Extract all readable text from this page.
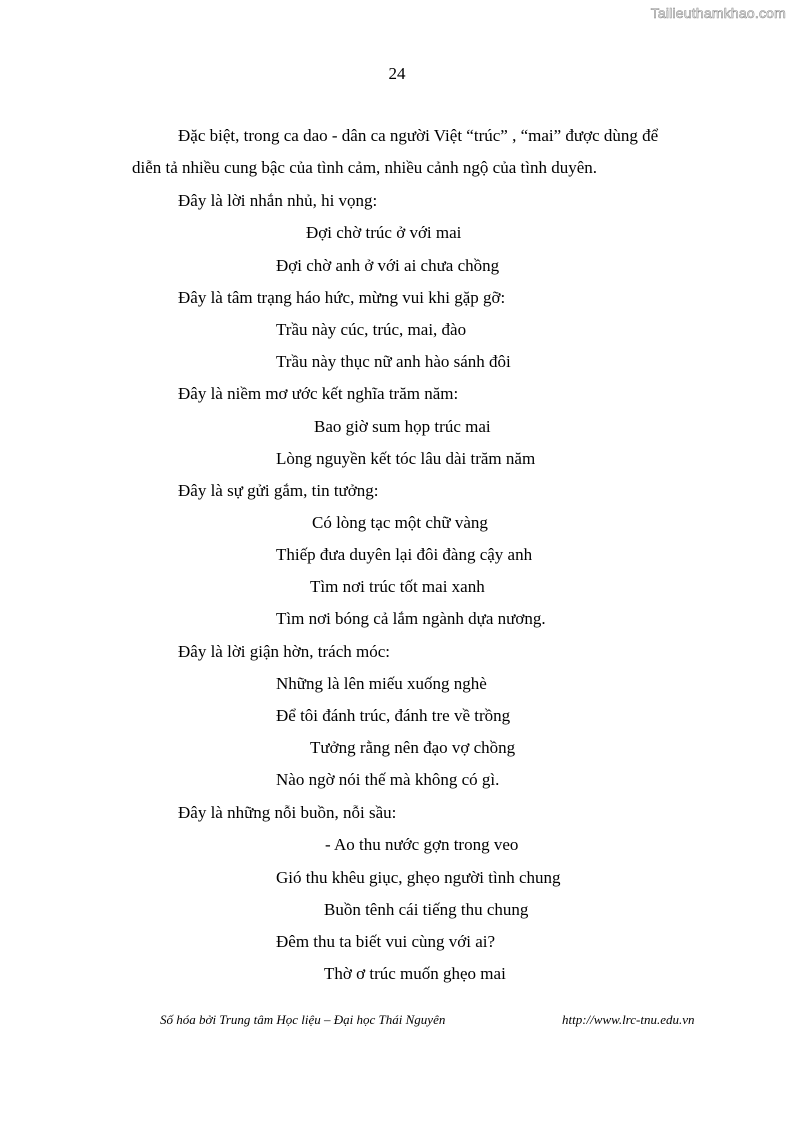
Tailieuthamkhao.com
24
Đặc biệt, trong ca dao - dân ca người Việt “trúc” , “mai” được dùng để
diễn tả nhiều cung bậc của tình cảm, nhiều cảnh ngộ của tình duyên.
Đây là lời nhắn nhủ, hi vọng:
Đợi chờ trúc ở với mai
Đợi chờ anh ở với ai chưa chồng
Đây là tâm trạng háo hức, mừng vui khi gặp gỡ:
Trầu này cúc, trúc, mai, đào
Trầu này thục nữ anh hào sánh đôi
Đây là niềm mơ ước kết nghĩa trăm năm:
Bao giờ sum họp trúc mai
Lòng nguyền kết tóc lâu dài trăm năm
Đây là sự gửi gắm, tin tưởng:
Có lòng tạc một chữ vàng
Thiếp đưa duyên lại đôi đàng cậy anh
Tìm nơi trúc tốt mai xanh
Tìm nơi bóng cả lắm ngành dựa nương.
Đây là lời giận hờn, trách móc:
Những là lên miếu xuống nghè
Để tôi đánh trúc, đánh tre về trồng
Tưởng rằng nên đạo vợ chồng
Nào ngờ nói thế mà không có gì.
Đây là những nỗi buồn, nỗi sầu:
- Ao thu nước gợn trong veo
Gió thu khêu giục, ghẹo người tình chung
Buồn tênh cái tiếng thu chung
Đêm thu ta biết vui cùng với ai?
Thờ ơ trúc muốn ghẹo mai
Số hóa bởi Trung tâm Học liệu – Đại học Thái Nguyên	http://www.lrc-tnu.edu.vn
